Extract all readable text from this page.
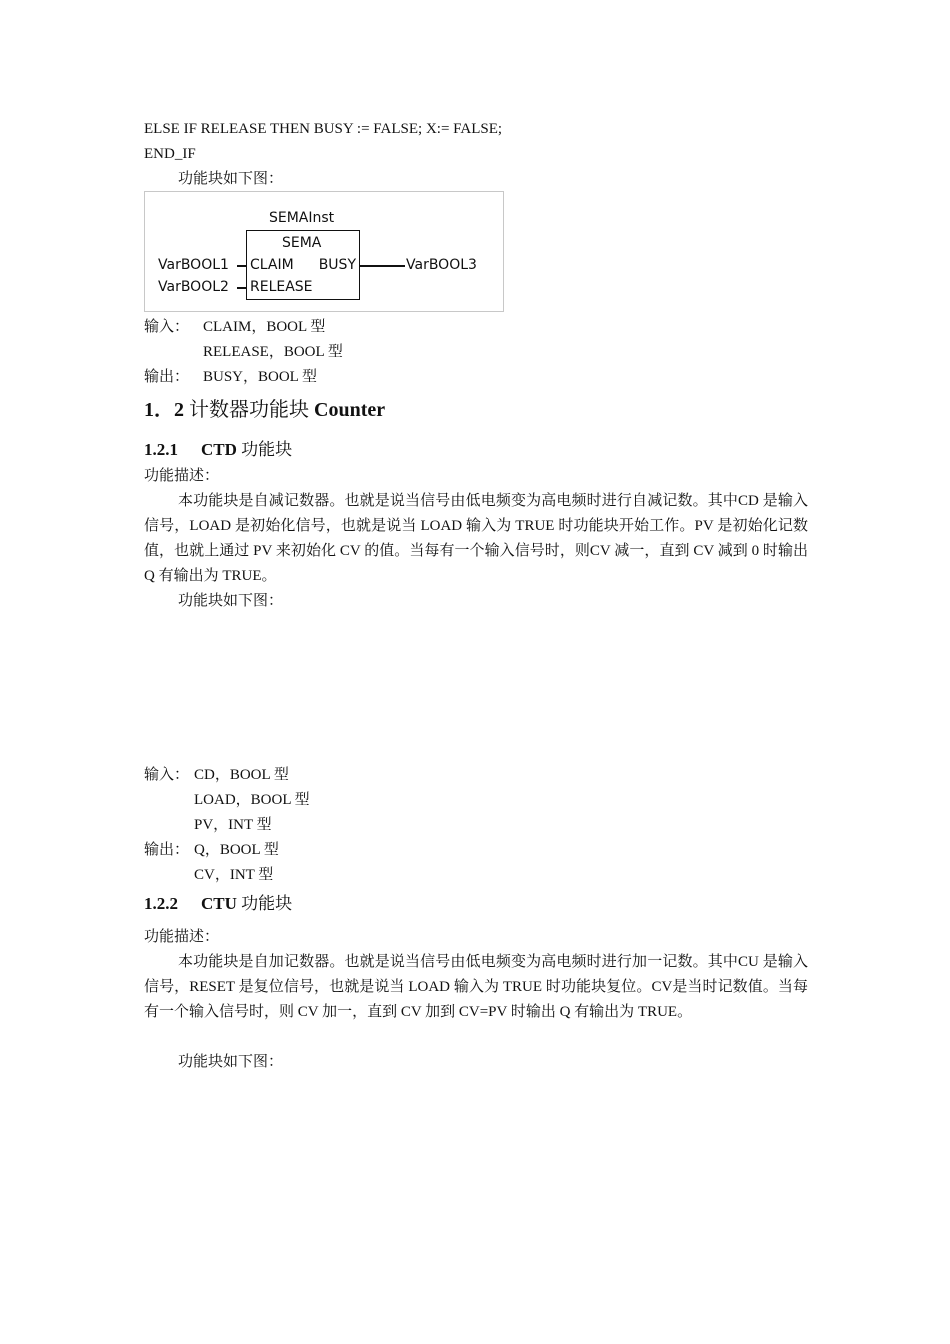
ELSE IF RELEASE THEN BUSY := FALSE; X:= FALSE;
END_IF
功能块如下图：
SEMAInst
SEMA
CLAIM BUSY
RELEASE
VarBOOL1
VarBOOL2
VarBOOL3
输入： CLAIM，BOOL 型
RELEASE，BOOL 型
输出： BUSY，BOOL 型
1．2 计数器功能块 Counter
1.2.1 CTD 功能块
功能描述：
本功能块是自减记数器。也就是说当信号由低电频变为高电频时进行自减记数。其中CD 是输入信号，LOAD 是初始化信号，也就是说当 LOAD 输入为 TRUE 时功能块开始工作。PV 是初始化记数值，也就上通过 PV 来初始化 CV 的值。当每有一个输入信号时，则CV 减一，直到 CV 减到 0 时输出 Q 有输出为 TRUE。
功能块如下图：
输入： CD，BOOL 型
LOAD，BOOL 型
PV，INT 型
输出： Q，BOOL 型
CV，INT 型
1.2.2 CTU 功能块
功能描述：
本功能块是自加记数器。也就是说当信号由低电频变为高电频时进行加一记数。其中CU 是输入信号，RESET 是复位信号，也就是说当 LOAD 输入为 TRUE 时功能块复位。CV是当时记数值。当每有一个输入信号时，则 CV 加一，直到 CV 加到 CV=PV 时输出 Q 有输出为 TRUE。
功能块如下图：
